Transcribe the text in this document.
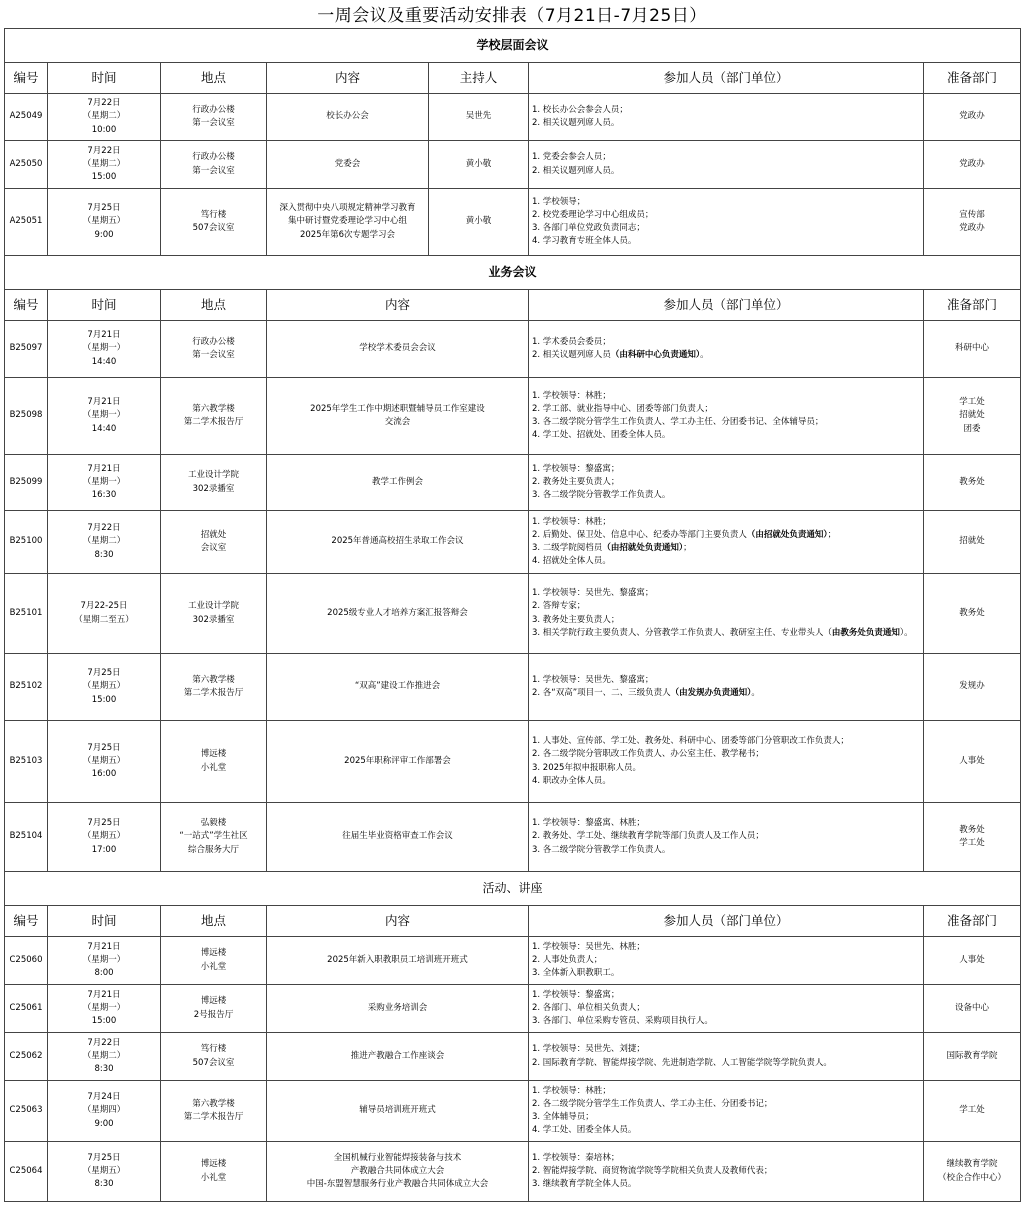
一周会议及重要活动安排表（7月21日-7月25日）
学校层面会议						
编号	时间	地点	内容	主持人	参加人员（部门单位）	准备部门
A25049	7月22日
（星期二）
10:00	行政办公楼
第一会议室	校长办公会	吴世先	1. 校长办公会参会人员；
2. 相关议题列席人员。	党政办

A25050	7月22日
（星期二）
15:00	行政办公楼
第一会议室	党委会	黄小敬	1. 党委会参会人员；
2. 相关议题列席人员。	党政办

A25051	7月25日
（星期五）
9:00	笃行楼
507会议室	深入贯彻中央八项规定精神学习教育
集中研讨暨党委理论学习中心组
2025年第6次专题学习会	黄小敬	1. 学校领导；
2. 校党委理论学习中心组成员；
3. 各部门单位党政负责同志；
4. 学习教育专班全体人员。	宣传部
党政办

业务会议						
编号	时间	地点	内容		参加人员（部门单位）	准备部门
B25097	7月21日
（星期一）
14:40	行政办公楼
第一会议室	学校学术委员会会议		1. 学术委员会委员；
2. 相关议题列席人员（由科研中心负责通知）。	科研中心

B25098	7月21日
（星期一）
14:40	第六教学楼
第二学术报告厅	2025年学生工作中期述职暨辅导员工作室建设
交流会		1. 学校领导：林胜；
2. 学工部、就业指导中心、团委等部门负责人；
3. 各二级学院分管学生工作负责人、学工办主任、分团委书记、全体辅导员；
4. 学工处、招就处、团委全体人员。	学工处
招就处
团委

B25099	7月21日
（星期一）
16:30	工业设计学院
302录播室	教学工作例会		1. 学校领导：黎盛寓；
2. 教务处主要负责人；
3. 各二级学院分管教学工作负责人。	教务处

B25100	7月22日
（星期二）
8:30	招就处
会议室	2025年普通高校招生录取工作会议		1. 学校领导：林胜；
2. 后勤处、保卫处、信息中心、纪委办等部门主要负责人（由招就处负责通知）；
3. 二级学院阅档员（由招就处负责通知）；
4. 招就处全体人员。	招就处

B25101	7月22-25日
（星期二至五）	工业设计学院
302录播室	2025级专业人才培养方案汇报答辩会		1. 学校领导：吴世先、黎盛寓；
2. 答辩专家；
3. 教务处主要负责人；
3. 相关学院行政主要负责人、分管教学工作负责人、教研室主任、专业带头人（由教务处负责通知）。	教务处

B25102	7月25日
（星期五）
15:00	第六教学楼
第二学术报告厅	“双高”建设工作推进会		1. 学校领导：吴世先、黎盛寓；
2. 各“双高”项目一、二、三级负责人（由发规办负责通知）。	发规办

B25103	7月25日
（星期五）
16:00	博远楼
小礼堂	2025年职称评审工作部署会		1. 人事处、宣传部、学工处、教务处、科研中心、团委等部门分管职改工作负责人；
2. 各二级学院分管职改工作负责人、办公室主任、教学秘书；
3. 2025年拟申报职称人员。
4. 职改办全体人员。	人事处

B25104	7月25日
（星期五）
17:00	弘毅楼
“一站式”学生社区
综合服务大厅	往届生毕业资格审查工作会议		1. 学校领导：黎盛寓、林胜；
2. 教务处、学工处、继续教育学院等部门负责人及工作人员；
3. 各二级学院分管教学工作负责人。	教务处
学工处

活动、讲座						
编号	时间	地点	内容		参加人员（部门单位）	准备部门
C25060	7月21日
（星期一）
8:00	博远楼
小礼堂	2025年新入职教职员工培训班开班式		1. 学校领导：吴世先、林胜；
2. 人事处负责人；
3. 全体新入职教职工。	人事处

C25061	7月21日
（星期一）
15:00	博远楼
2号报告厅	采购业务培训会		1. 学校领导：黎盛寓；
2. 各部门、单位相关负责人；
3. 各部门、单位采购专管员、采购项目执行人。	设备中心

C25062	7月22日
（星期二）
8:30	笃行楼
507会议室	推进产教融合工作座谈会		1. 学校领导：吴世先、刘捷；
2. 国际教育学院、智能焊接学院、先进制造学院、人工智能学院等学院负责人。	国际教育学院

C25063	7月24日
（星期四）
9:00	第六教学楼
第二学术报告厅	辅导员培训班开班式		1. 学校领导：林胜；
2. 各二级学院分管学生工作负责人、学工办主任、分团委书记；
3. 全体辅导员；
4. 学工处、团委全体人员。	学工处

C25064	7月25日
（星期五）
8:30	博远楼
小礼堂	全国机械行业智能焊接装备与技术
产教融合共同体成立大会
中国-东盟智慧服务行业产教融合共同体成立大会		1. 学校领导：秦培林；
2. 智能焊接学院、商贸物流学院等学院相关负责人及教师代表；
3. 继续教育学院全体人员。	继续教育学院
（校企合作中心）
